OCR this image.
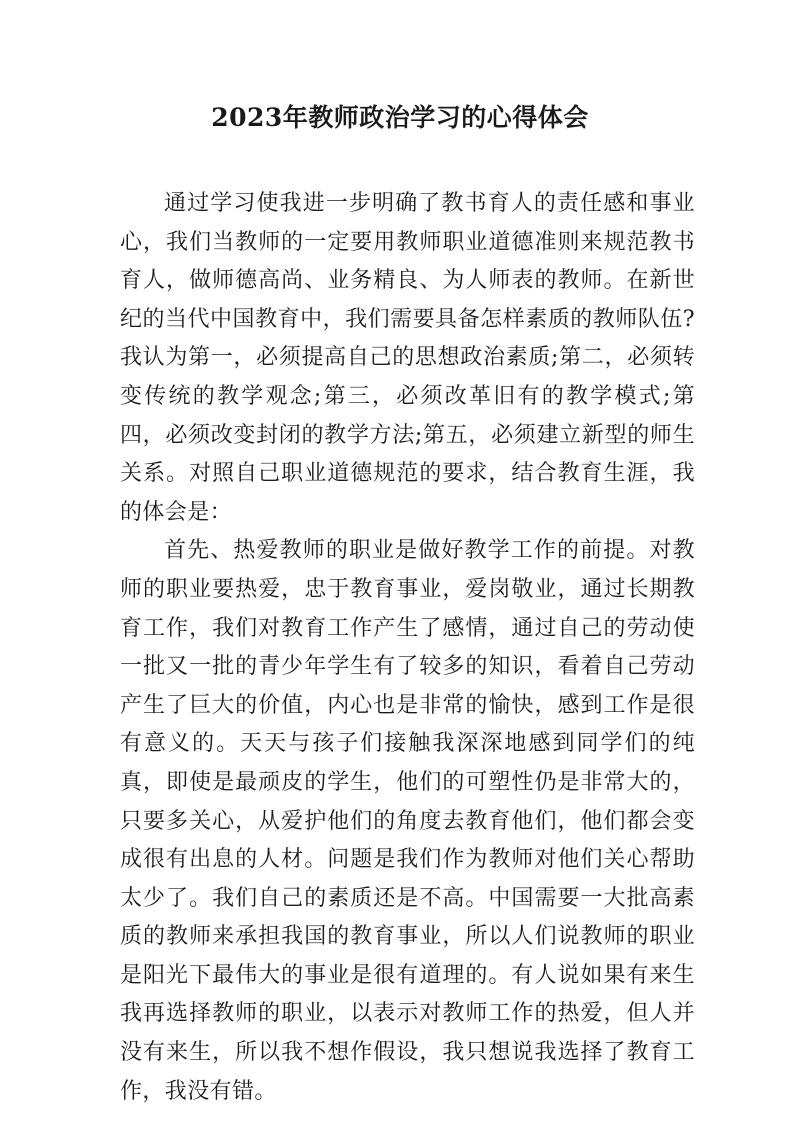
2023年教师政治学习的心得体会

通过学习使我进一步明确了教书育人的责任感和事业心，我们当教师的一定要用教师职业道德准则来规范教书育人，做师德高尚、业务精良、为人师表的教师。在新世纪的当代中国教育中，我们需要具备怎样素质的教师队伍?我认为第一，必须提高自己的思想政治素质;第二，必须转变传统的教学观念;第三，必须改革旧有的教学模式;第四，必须改变封闭的教学方法;第五，必须建立新型的师生关系。对照自己职业道德规范的要求，结合教育生涯，我的体会是：

首先、热爱教师的职业是做好教学工作的前提。对教师的职业要热爱，忠于教育事业，爱岗敬业，通过长期教育工作，我们对教育工作产生了感情，通过自己的劳动使一批又一批的青少年学生有了较多的知识，看着自己劳动产生了巨大的价值，内心也是非常的愉快，感到工作是很有意义的。天天与孩子们接触我深深地感到同学们的纯真，即使是最顽皮的学生，他们的可塑性仍是非常大的，只要多关心，从爱护他们的角度去教育他们，他们都会变成很有出息的人材。问题是我们作为教师对他们关心帮助太少了。我们自己的素质还是不高。中国需要一大批高素质的教师来承担我国的教育事业，所以人们说教师的职业是阳光下最伟大的事业是很有道理的。有人说如果有来生我再选择教师的职业，以表示对教师工作的热爱，但人并没有来生，所以我不想作假设，我只想说我选择了教育工作，我没有错。
